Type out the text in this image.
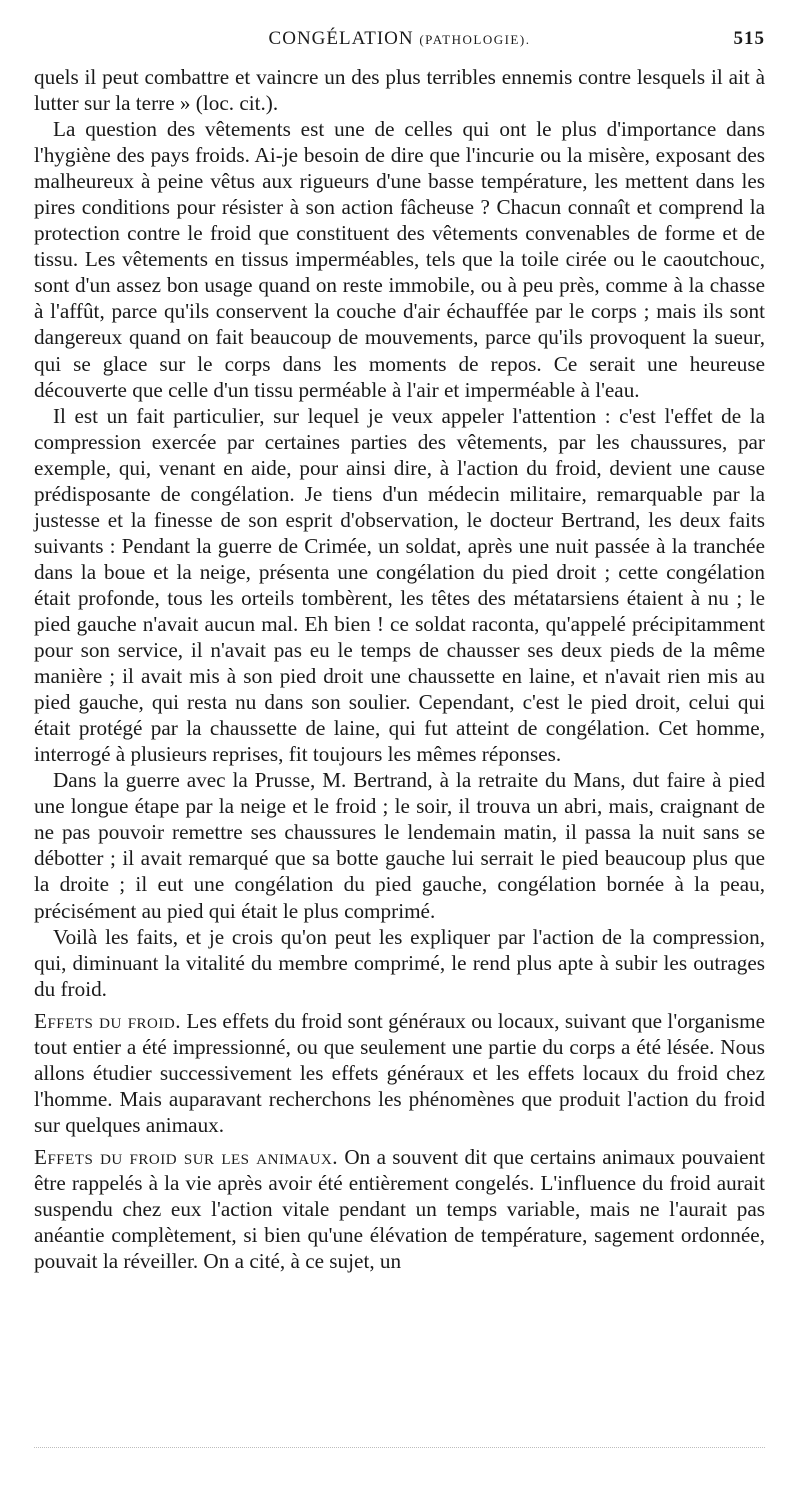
CONGÉLATION (PATHOLOGIE).	515

quels il peut combattre et vaincre un des plus terribles ennemis contre lesquels il ait à lutter sur la terre » (loc. cit.).

La question des vêtements est une de celles qui ont le plus d'importance dans l'hygiène des pays froids. Ai-je besoin de dire que l'incurie ou la misère, exposant des malheureux à peine vêtus aux rigueurs d'une basse température, les mettent dans les pires conditions pour résister à son action fâcheuse ? Chacun connaît et comprend la protection contre le froid que constituent des vêtements convenables de forme et de tissu. Les vêtements en tissus imperméables, tels que la toile cirée ou le caoutchouc, sont d'un assez bon usage quand on reste immobile, ou à peu près, comme à la chasse à l'affût, parce qu'ils conservent la couche d'air échauffée par le corps ; mais ils sont dangereux quand on fait beaucoup de mouvements, parce qu'ils provoquent la sueur, qui se glace sur le corps dans les moments de repos. Ce serait une heureuse découverte que celle d'un tissu perméable à l'air et imperméable à l'eau.

Il est un fait particulier, sur lequel je veux appeler l'attention : c'est l'effet de la compression exercée par certaines parties des vêtements, par les chaussures, par exemple, qui, venant en aide, pour ainsi dire, à l'action du froid, devient une cause prédisposante de congélation. Je tiens d'un médecin militaire, remarquable par la justesse et la finesse de son esprit d'observation, le docteur Bertrand, les deux faits suivants : Pendant la guerre de Crimée, un soldat, après une nuit passée à la tranchée dans la boue et la neige, présenta une congélation du pied droit ; cette congélation était profonde, tous les orteils tombèrent, les têtes des métatarsiens étaient à nu ; le pied gauche n'avait aucun mal. Eh bien ! ce soldat raconta, qu'appelé précipitamment pour son service, il n'avait pas eu le temps de chausser ses deux pieds de la même manière ; il avait mis à son pied droit une chaussette en laine, et n'avait rien mis au pied gauche, qui resta nu dans son soulier. Cependant, c'est le pied droit, celui qui était protégé par la chaussette de laine, qui fut atteint de congélation. Cet homme, interrogé à plusieurs reprises, fit toujours les mêmes réponses.

Dans la guerre avec la Prusse, M. Bertrand, à la retraite du Mans, dut faire à pied une longue étape par la neige et le froid ; le soir, il trouva un abri, mais, craignant de ne pas pouvoir remettre ses chaussures le lendemain matin, il passa la nuit sans se débotter ; il avait remarqué que sa botte gauche lui serrait le pied beaucoup plus que la droite ; il eut une congélation du pied gauche, congélation bornée à la peau, précisément au pied qui était le plus comprimé.

Voilà les faits, et je crois qu'on peut les expliquer par l'action de la compression, qui, diminuant la vitalité du membre comprimé, le rend plus apte à subir les outrages du froid.

Effets du froid. Les effets du froid sont généraux ou locaux, suivant que l'organisme tout entier a été impressionné, ou que seulement une partie du corps a été lésée. Nous allons étudier successivement les effets généraux et les effets locaux du froid chez l'homme. Mais auparavant recherchons les phénomènes que produit l'action du froid sur quelques animaux.

Effets du froid sur les animaux. On a souvent dit que certains animaux pouvaient être rappelés à la vie après avoir été entièrement congelés. L'influence du froid aurait suspendu chez eux l'action vitale pendant un temps variable, mais ne l'aurait pas anéantie complètement, si bien qu'une élévation de température, sagement ordonnée, pouvait la réveiller. On a cité, à ce sujet, un
